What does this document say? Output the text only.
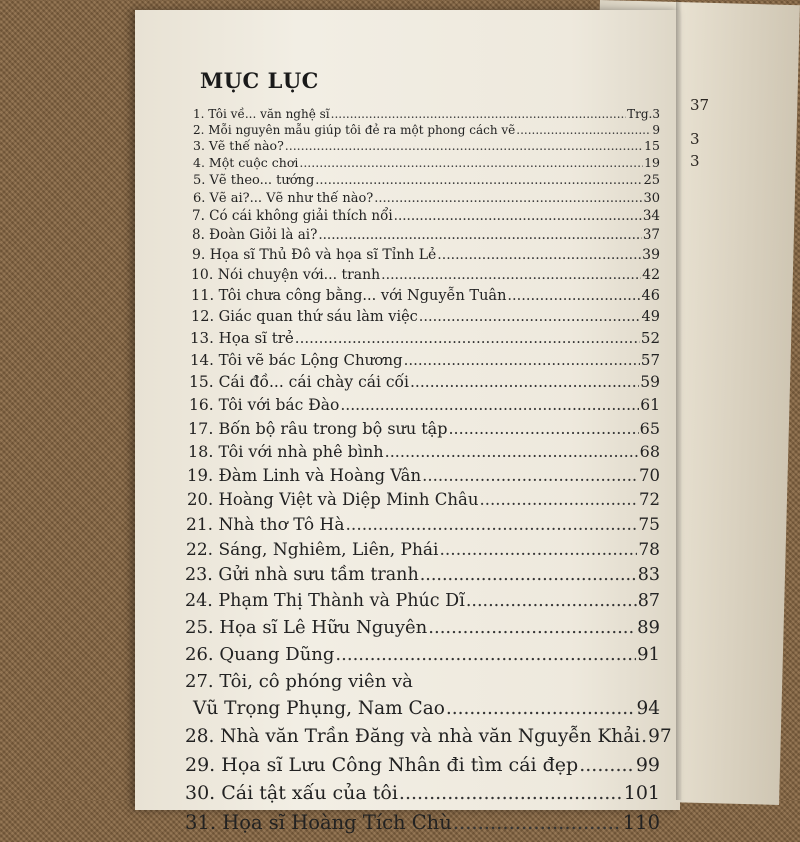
37
3
3
MỤC LỤC
1. Tôi về... văn nghệ sĩ .....	Trg.3
2. Mỗi nguyên mẫu giúp tôi đẻ ra một phong cách vẽ .....	9
3. Vẽ thế nào? .....	15
4. Một cuộc chơi .....	19
5. Vẽ theo... tướng .....	25
6. Vẽ ai?... Vẽ như thế nào? .....	30
7. Có cái không giải thích nổi .....	34
8. Đoàn Giỏi là ai? .....	37
9. Họa sĩ Thủ Đô và họa sĩ Tỉnh Lẻ .....	39
10. Nói chuyện với... tranh .....	42
11. Tôi chưa công bằng... với Nguyễn Tuân .....	46
12. Giác quan thứ sáu làm việc .....	49
13. Họa sĩ trẻ .....	52
14. Tôi vẽ bác Lộng Chương .....	57
15. Cái đồ... cái chày cái cối .....	59
16. Tôi với bác Đào .....	61
17. Bốn bộ râu trong bộ sưu tập .....	65
18. Tôi với nhà phê bình .....	68
19. Đàm Linh và Hoàng Vân .....	70
20. Hoàng Việt và Diệp Minh Châu .....	72
21. Nhà thơ Tô Hà .....	75
22. Sáng, Nghiêm, Liên, Phái .....	78
23. Gửi nhà sưu tầm tranh .....	83
24. Phạm Thị Thành và Phúc Dĩ .....	87
25. Họa sĩ Lê Hữu Nguyên .....	89
26. Quang Dũng .....	91
27. Tôi, cô phóng viên và
Vũ Trọng Phụng, Nam Cao .....	94
28. Nhà văn Trần Đăng và nhà văn Nguyễn Khải ..... 97
29. Họa sĩ Lưu Công Nhân đi tìm cái đẹp .....	99
30. Cái tật xấu của tôi .....	101
31. Họa sĩ Hoàng Tích Chù .....	110
